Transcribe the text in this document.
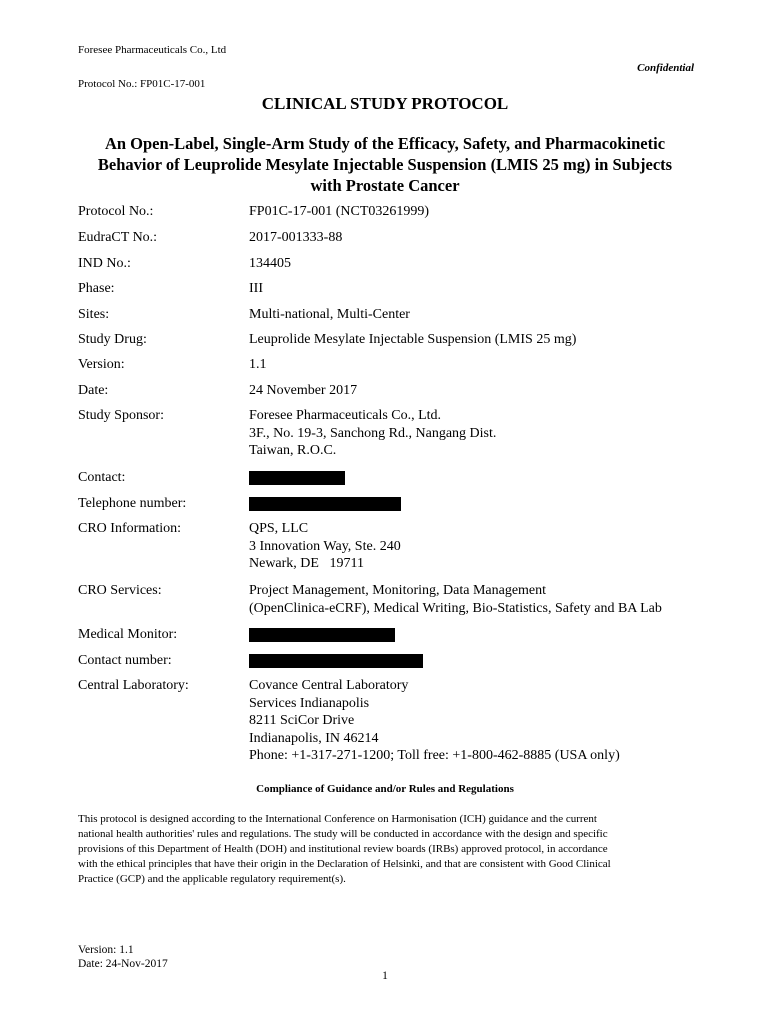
Foresee Pharmaceuticals Co., Ltd
Confidential
Protocol No.: FP01C-17-001
CLINICAL STUDY PROTOCOL
An Open-Label, Single-Arm Study of the Efficacy, Safety, and Pharmacokinetic
Behavior of Leuprolide Mesylate Injectable Suspension (LMIS 25 mg) in Subjects
with Prostate Cancer
Protocol No.:	FP01C-17-001 (NCT03261999)
EudraCT No.:	2017-001333-88
IND No.:	134405
Phase:	III
Sites:	Multi-national, Multi-Center
Study Drug:	Leuprolide Mesylate Injectable Suspension (LMIS 25 mg)
Version:	1.1
Date:	24 November 2017
Study Sponsor:	Foresee Pharmaceuticals Co., Ltd.
3F., No. 19-3, Sanchong Rd., Nangang Dist.
Taiwan, R.O.C.
Contact:
Telephone number:
CRO Information:	QPS, LLC
3 Innovation Way, Ste. 240
Newark, DE   19711
CRO Services:	Project Management, Monitoring, Data Management
(OpenClinica-eCRF), Medical Writing, Bio-Statistics, Safety and BA Lab
Medical Monitor:
Contact number:
Central Laboratory:	Covance Central Laboratory
Services Indianapolis
8211 SciCor Drive
Indianapolis, IN 46214
Phone: +1-317-271-1200; Toll free: +1-800-462-8885 (USA only)
Compliance of Guidance and/or Rules and Regulations
This protocol is designed according to the International Conference on Harmonisation (ICH) guidance and the current
national health authorities' rules and regulations. The study will be conducted in accordance with the design and specific
provisions of this Department of Health (DOH) and institutional review boards (IRBs) approved protocol, in accordance
with the ethical principles that have their origin in the Declaration of Helsinki, and that are consistent with Good Clinical
Practice (GCP) and the applicable regulatory requirement(s).
Version: 1.1
Date: 24-Nov-2017
1
